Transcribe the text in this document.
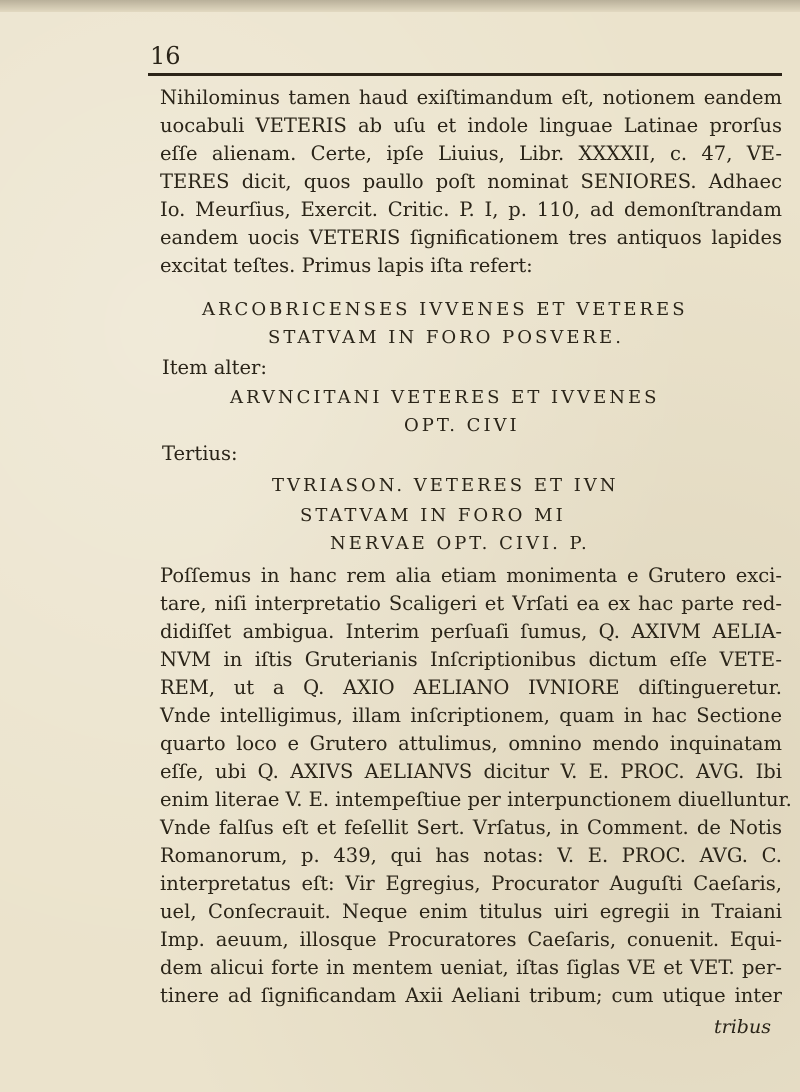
16
Nihilominus tamen haud exiſtimandum eſt, notionem eandem
uocabuli VETERIS ab uſu et indole linguae Latinae prorſus
eſſe alienam. Certe, ipſe Liuius, Libr. XXXXII, c. 47, VE-
TERES dicit, quos paullo poſt nominat SENIORES. Adhaec
Io. Meurſius, Exercit. Critic. P. I, p. 110, ad demonſtrandam
eandem uocis VETERIS ſignificationem tres antiquos lapides
excitat teſtes. Primus lapis iſta refert:
ARCOBRICENSES IVVENES ET VETERES
STATVAM IN FORO POSVERE.
Item alter:
ARVNCITANI VETERES ET IVVENES
OPT. CIVI
Tertius:
TVRIASON. VETERES ET IVN
STATVAM IN FORO MI
NERVAE OPT. CIVI. P.
Poſſemus in hanc rem alia etiam monimenta e Grutero exci-
tare, niſi interpretatio Scaligeri et Vrſati ea ex hac parte red-
didiſſet ambigua. Interim perſuaſi ſumus, Q. AXIVM AELIA-
NVM in iſtis Gruterianis Inſcriptionibus dictum eſſe VETE-
REM, ut a Q. AXIO AELIANO IVNIORE diſtingueretur.
Vnde intelligimus, illam inſcriptionem, quam in hac Sectione
quarto loco e Grutero attulimus, omnino mendo inquinatam
eſſe, ubi Q. AXIVS AELIANVS dicitur V. E. PROC. AVG. Ibi
enim literae V. E. intempeſtiue per interpunctionem diuelluntur.
Vnde falſus eſt et feſellit Sert. Vrſatus, in Comment. de Notis
Romanorum, p. 439, qui has notas: V. E. PROC. AVG. C.
interpretatus eſt: Vir Egregius, Procurator Auguſti Caeſaris,
uel, Conſecrauit. Neque enim titulus uiri egregii in Traiani
Imp. aeuum, illosque Procuratores Caeſaris, conuenit. Equi-
dem alicui forte in mentem ueniat, iſtas ſiglas VE et VET. per-
tinere ad ſignificandam Axii Aeliani tribum; cum utique inter
tribus
